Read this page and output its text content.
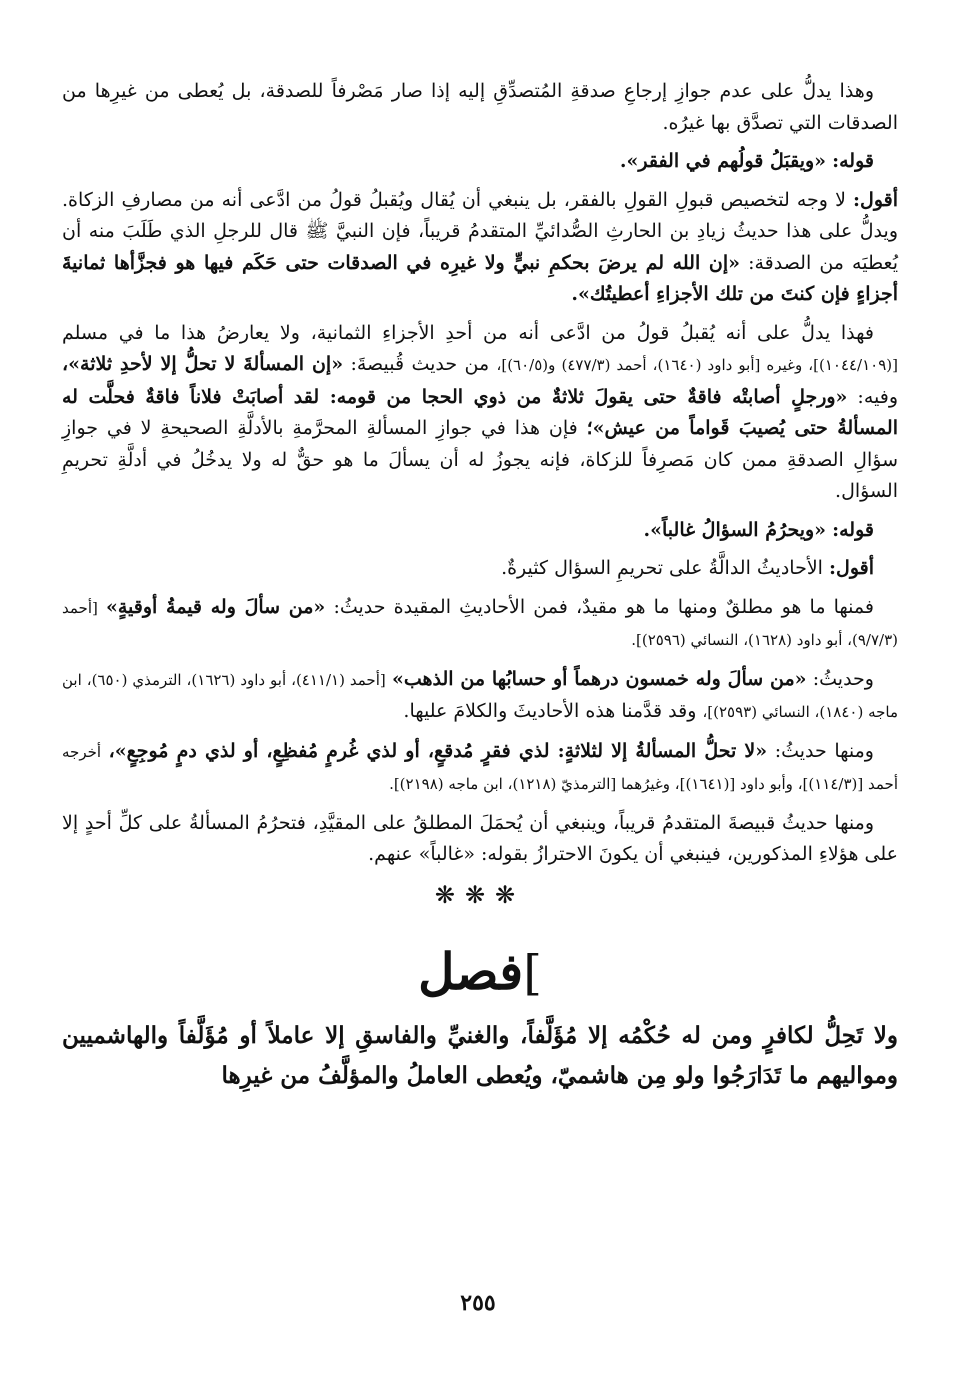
وهذا يدلُّ على عدم جوازِ إرجاعِ صدقةِ المُتصدِّقِ إليه إذا صار مَصْرفاً للصدقة، بل يُعطى من غيرِها من الصدقات التي تصدَّق بها غيرُه.

قوله: «ويقبَلُ قولُهم في الفقر».

أقول: لا وجه لتخصيص قبولِ القولِ بالفقر، بل ينبغي أن يُقال ويُقبلُ قولُ من ادَّعى أنه من مصارفِ الزكاة. ويدلُّ على هذا حديثُ زيادِ بن الحارثِ الصُّدائيِّ المتقدمُ قريباً، فإن النبيَّ ﷺ قال للرجلِ الذي طَلَبَ منه أن يُعطيَه من الصدقة: «إن الله لم يرضَ بحكمِ نبيٍّ ولا غيرِه في الصدقات حتى حَكَم فيها هو فجزَّأها ثمانيةَ أجزاءٍ فإن كنتَ من تلك الأجزاءِ أعطيتُك».

فهذا يدلُّ على أنه يُقبلُ قولُ من ادَّعى أنه من أحدِ الأجزاءِ الثمانية، ولا يعارضُ هذا ما في مسلم [(١٠٤٤/١٠٩)]، وغيره [أبو داود (١٦٤٠)، أحمد (٤٧٧/٣) و(٦٠/٥)]، من حديث قُبيصةَ: «إن المسألةَ لا تحلُّ إلا لأحدِ ثلاثة»، وفيه: «ورجلٍ أصابتْه فاقةٌ حتى يقولَ ثلاثةٌ من ذوي الحجا من قومه: لقد أصابَتْ فلاناً فاقةٌ فحلَّت له المسألةُ حتى يُصيبَ قَواماً من عيش»؛ فإن هذا في جوازِ المسألةِ المحرَّمةِ بالأدلَّةِ الصحيحةِ لا في جوازِ سؤالِ الصدقةِ ممن كان مَصرِفاً للزكاة، فإنه يجوزُ له أن يسألَ ما هو حقٌّ له ولا يدخُلُ في أدلَّةِ تحريمِ السؤال.

قوله: «ويحرُمُ السؤالُ غالباً».

أقول: الأحاديثُ الدالَّةُ على تحريمِ السؤال كثيرةٌ.

فمنها ما هو مطلقٌ ومنها ما هو مقيدٌ، فمن الأحاديثِ المقيدة حديثُ: «من سألَ وله قيمةُ أوقيةٍ» [أحمد (٩/٧/٣)، أبو داود (١٦٢٨)، النسائي (٢٥٩٦)].

وحديثُ: «من سألَ وله خمسون درهماً أو حسابُها من الذهب» [أحمد (٤١١/١)، أبو داود (١٦٢٦)، الترمذي (٦٥٠)، ابن ماجه (١٨٤٠)، النسائي (٢٥٩٣)]، وقد قدَّمنا هذه الأحاديثَ والكلامَ عليها.

ومنها حديثُ: «لا تحلُّ المسألةُ إلا لثلاثةٍ: لذي فقرٍ مُدقعٍ، أو لذي غُرمٍ مُفظِعٍ، أو لذي دمٍ مُوجِعٍ»، أخرجه أحمد [(١١٤/٣)]، وأبو داود [(١٦٤١)]، وغيرُهما [الترمذيّ (١٢١٨)، ابن ماجه (٢١٩٨)].

ومنها حديثُ قبيصةَ المتقدمُ قريباً، وينبغي أن يُحمَلَ المطلقُ على المقيَّدِ، فتحرُمُ المسألةُ على كلِّ أحدٍ إلا على هؤلاءِ المذكورين، فينبغي أن يكونَ الاحترازُ بقوله: «غالباً» عنهم.

❋❋❋
]فصل

ولا تَحِلُّ لكافرٍ ومن له حُكْمُه إلا مُؤَلَّفاً، والغنيِّ والفاسقِ إلا عاملاً أو مُؤَلَّفاً والهاشميين ومواليهم ما تَدَارَجُوا ولو مِن هاشميّ، ويُعطى العاملُ والمؤلَّفُ من غيرِها

٢٥٥
